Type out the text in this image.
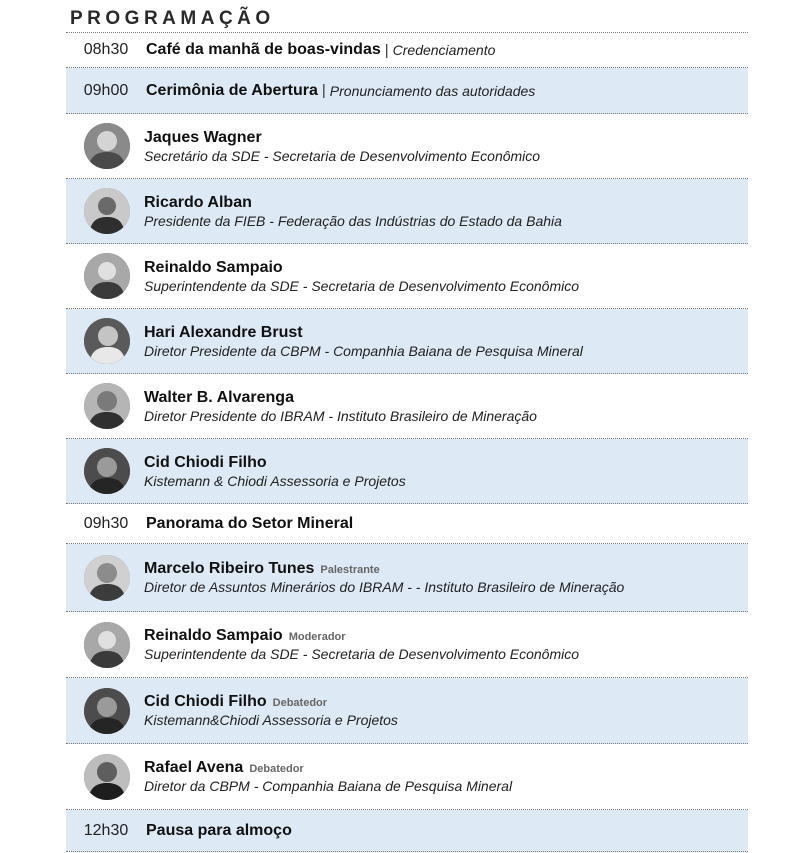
PROGRAMAÇÃO
08h30	Café da manhã de boas-vindas | Credenciamento
09h00	Cerimônia de Abertura | Pronunciamento das autoridades
Jaques Wagner
Secretário da SDE - Secretaria de Desenvolvimento Econômico
Ricardo Alban
Presidente da FIEB - Federação das Indústrias do Estado da Bahia
Reinaldo Sampaio
Superintendente da SDE - Secretaria de Desenvolvimento Econômico
Hari Alexandre Brust
Diretor Presidente da CBPM - Companhia Baiana de Pesquisa Mineral
Walter B. Alvarenga
Diretor Presidente do IBRAM - Instituto Brasileiro de Mineração
Cid Chiodi Filho
Kistemann & Chiodi Assessoria e Projetos
09h30	Panorama do Setor Mineral
Marcelo Ribeiro Tunes Palestrante
Diretor de Assuntos Minerários do IBRAM - - Instituto Brasileiro de Mineração
Reinaldo Sampaio Moderador
Superintendente da SDE - Secretaria de Desenvolvimento Econômico
Cid Chiodi Filho Debatedor
Kistemann&Chiodi Assessoria e Projetos
Rafael Avena Debatedor
Diretor da CBPM - Companhia Baiana de Pesquisa Mineral
12h30	Pausa para almoço
